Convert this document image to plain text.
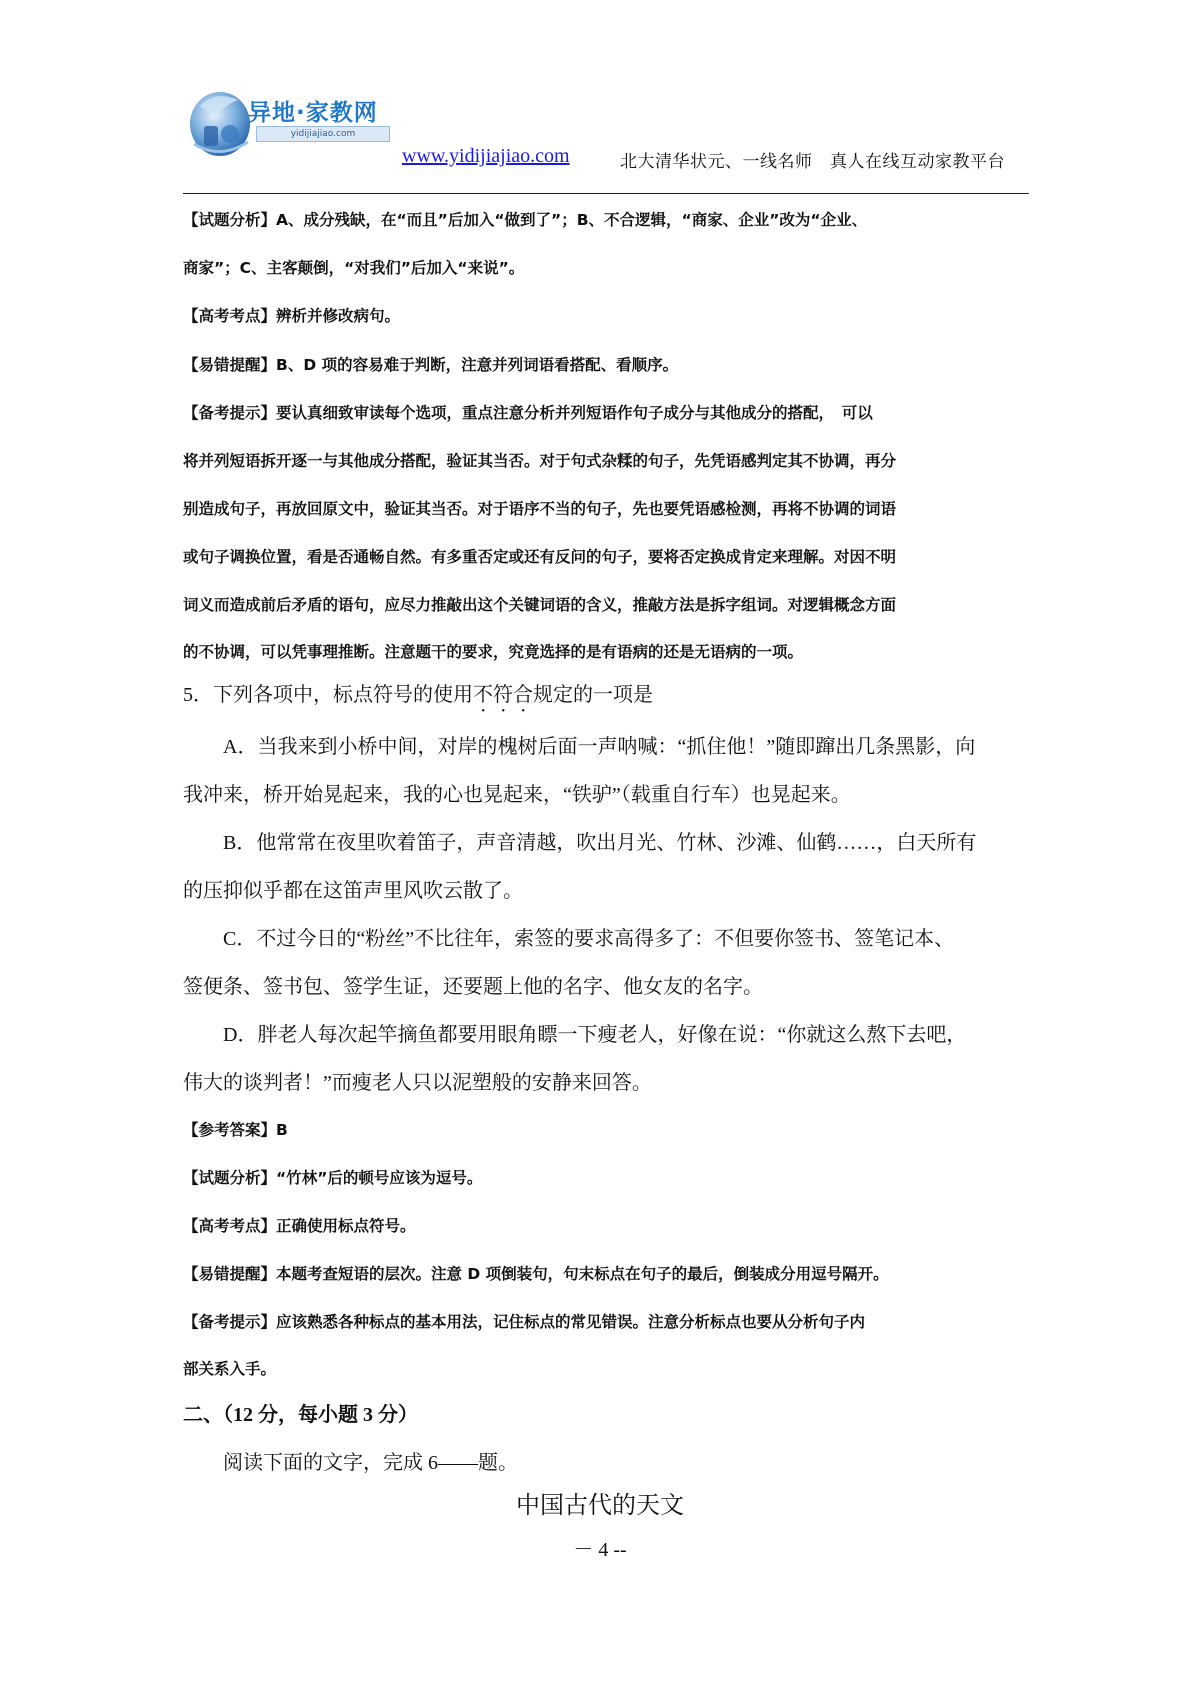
异地·家教网
yidijiajiao.com
www.yidijiajiao.com	北大清华状元、一线名师　真人在线互动家教平台
【试题分析】A、成分残缺，在“而且”后加入“做到了”；B、不合逻辑，“商家、企业”改为“企业、
商家”；C、主客颠倒，“对我们”后加入“来说”。
【高考考点】辨析并修改病句。
【易错提醒】B、D 项的容易难于判断，注意并列词语看搭配、看顺序。
【备考提示】要认真细致审读每个选项，重点注意分析并列短语作句子成分与其他成分的搭配，　可以
将并列短语拆开逐一与其他成分搭配，验证其当否。对于句式杂糅的句子，先凭语感判定其不协调，再分
别造成句子，再放回原文中，验证其当否。对于语序不当的句子，先也要凭语感检测，再将不协调的词语
或句子调换位置，看是否通畅自然。有多重否定或还有反问的句子，要将否定换成肯定来理解。对因不明
词义而造成前后矛盾的语句，应尽力推敲出这个关键词语的含义，推敲方法是拆字组词。对逻辑概念方面
的不协调，可以凭事理推断。注意题干的要求，究竟选择的是有语病的还是无语病的一项。
5．下列各项中，标点符号的使用不符合规定的一项是
A．当我来到小桥中间，对岸的槐树后面一声呐喊：“抓住他！”随即蹿出几条黑影，向
我冲来，桥开始晃起来，我的心也晃起来，“铁驴”（载重自行车）也晃起来。
B．他常常在夜里吹着笛子，声音清越，吹出月光、竹林、沙滩、仙鹤……，白天所有
的压抑似乎都在这笛声里风吹云散了。
C．不过今日的“粉丝”不比往年，索签的要求高得多了：不但要你签书、签笔记本、
签便条、签书包、签学生证，还要题上他的名字、他女友的名字。
D．胖老人每次起竿摘鱼都要用眼角瞟一下瘦老人，好像在说：“你就这么熬下去吧，
伟大的谈判者！”而瘦老人只以泥塑般的安静来回答。
【参考答案】B
【试题分析】“竹林”后的顿号应该为逗号。
【高考考点】正确使用标点符号。
【易错提醒】本题考查短语的层次。注意 D 项倒装句，句末标点在句子的最后，倒装成分用逗号隔开。
【备考提示】应该熟悉各种标点的基本用法，记住标点的常见错误。注意分析标点也要从分析句子内
部关系入手。
二、（12 分，每小题 3 分）
阅读下面的文字，完成 6——题。
中国古代的天文
－ 4 --
